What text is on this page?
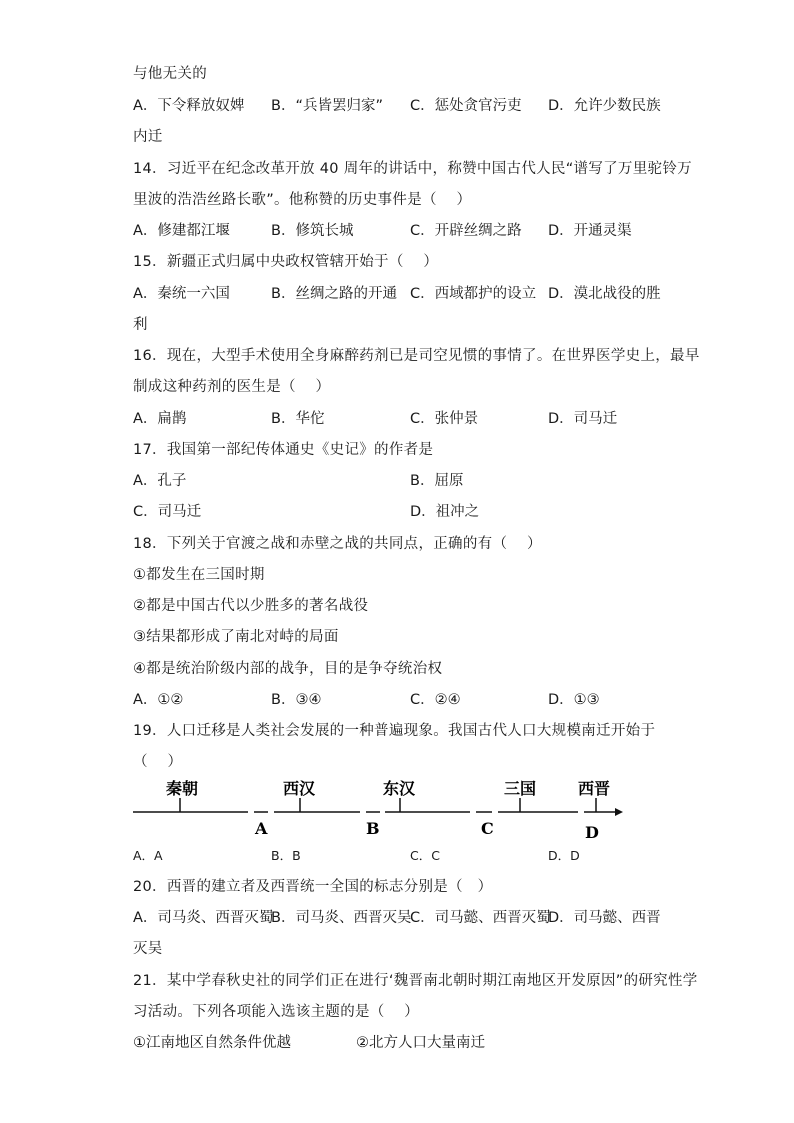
与他无关的
A．下令释放奴婢 B．“兵皆罢归家” C．惩处贪官污吏 D．允许少数民族
内迁
14．习近平在纪念改革开放 40 周年的讲话中，称赞中国古代人民“谱写了万里驼铃万
里波的浩浩丝路长歌”。他称赞的历史事件是（　 ）
A．修建都江堰	B．修筑长城	C．开辟丝绸之路 D．开通灵渠
15．新疆正式归属中央政权管辖开始于（　 ）
A．秦统一六国	B．丝绸之路的开通 C．西域都护的设立 D．漠北战役的胜
利
16．现在，大型手术使用全身麻醉药剂已是司空见惯的事情了。在世界医学史上，最早
制成这种药剂的医生是（　 ）
A．扁鹊	B．华佗	C．张仲景	D．司马迁
17．我国第一部纪传体通史《史记》的作者是
A．孔子	B．屈原
C．司马迁	D．祖冲之
18．下列关于官渡之战和赤壁之战的共同点，正确的有（　 ）
①都发生在三国时期
②都是中国古代以少胜多的著名战役
③结果都形成了南北对峙的局面
④都是统治阶级内部的战争，目的是争夺统治权
A．①②	B．③④	C．②④	D．①③
19．人口迁移是人类社会发展的一种普遍现象。我国古代人口大规模南迁开始于
（　 ）
秦朝	西汉	东汉	三国	西晋
A	B	C	D
A．A	B．B	C．C	D．D
20．西晋的建立者及西晋统一全国的标志分别是（　）
A．司马炎、西晋灭蜀
B．司马炎、西晋灭吴
C．司马懿、西晋灭蜀
D．司马懿、西晋
灭吴
21．某中学春秋史社的同学们正在进行‘魏晋南北朝时期江南地区开发原因”的研究性学
习活动。下列各项能入选该主题的是（　 ）
①江南地区自然条件优越	②北方人口大量南迁
